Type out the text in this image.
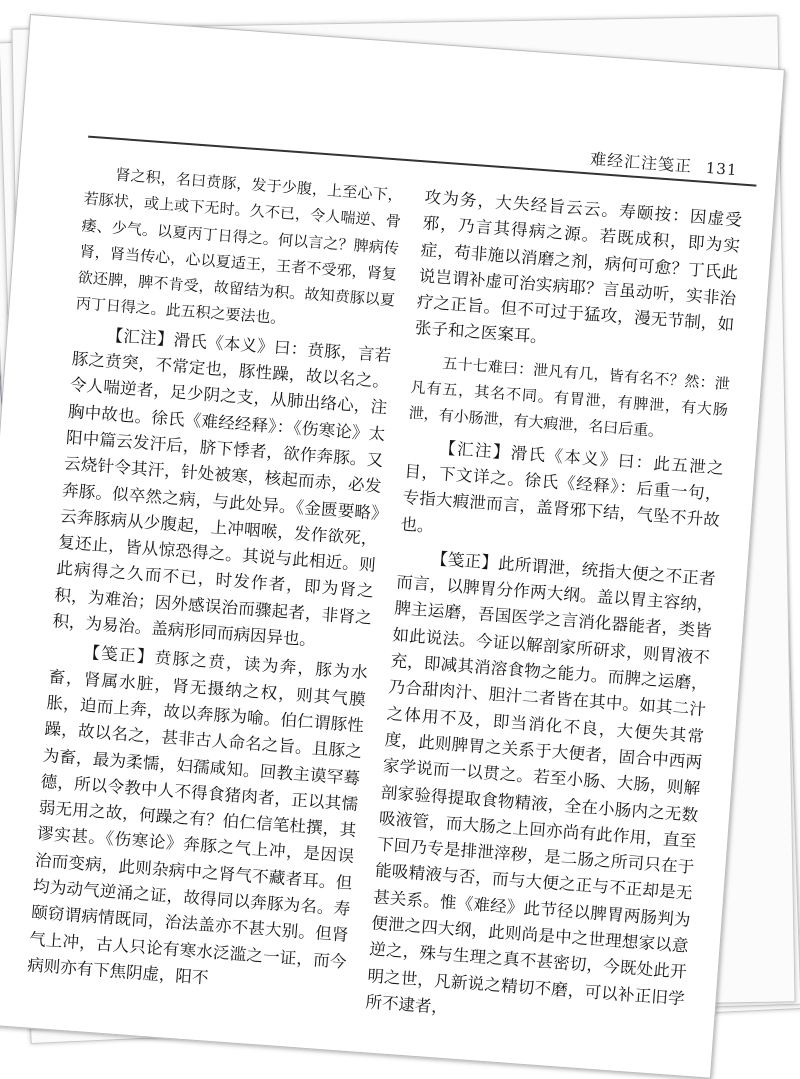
难经汇注笺正 131

肾之积，名曰贲豚，发于少腹，上至心下，若豚状，或上或下无时。久不已，令人喘逆、骨痿、少气。以夏丙丁日得之。何以言之？脾病传肾，肾当传心，心以夏适王，王者不受邪，肾复欲还脾，脾不肯受，故留结为积。故知贲豚以夏丙丁日得之。此五积之要法也。

【汇注】滑氏《本义》曰：贲豚，言若豚之贲突，不常定也，豚性躁，故以名之。令人喘逆者，足少阴之支，从肺出络心，注胸中故也。徐氏《难经经释》：《伤寒论》太阳中篇云发汗后，脐下悸者，欲作奔豚。又云烧针令其汗，针处被寒，核起而赤，必发奔豚。似卒然之病，与此处异。《金匮要略》云奔豚病从少腹起，上冲咽喉，发作欲死，复还止，皆从惊恐得之。其说与此相近。则此病得之久而不已，时发作者，即为肾之积，为难治；因外感误治而骤起者，非肾之积，为易治。盖病形同而病因异也。

【笺正】贲豚之贲，读为奔，豚为水畜，肾属水脏，肾无摄纳之权，则其气膜胀，迫而上奔，故以奔豚为喻。伯仁谓豚性躁，故以名之，甚非古人命名之旨。且豚之为畜，最为柔懦，妇孺咸知。回教主谟罕蓦德，所以令教中人不得食猪肉者，正以其懦弱无用之故，何躁之有？伯仁信笔杜撰，其谬实甚。《伤寒论》奔豚之气上冲，是因误治而变病，此则杂病中之肾气不藏者耳。但均为动气逆涌之证，故得同以奔豚为名。寿颐窃谓病情既同，治法盖亦不甚大别。但肾气上冲，古人只论有寒水泛滥之一证，而今病则亦有下焦阴虚，阳不

攻为务，大失经旨云云。寿颐按：因虚受邪，乃言其得病之源。若既成积，即为实症，苟非施以消磨之剂，病何可愈？丁氏此说岂谓补虚可治实病耶？言虽动听，实非治疗之正旨。但不可过于猛攻，漫无节制，如张子和之医案耳。

五十七难曰：泄凡有几，皆有名不？然：泄凡有五，其名不同。有胃泄，有脾泄，有大肠泄，有小肠泄，有大瘕泄，名曰后重。

【汇注】滑氏《本义》曰：此五泄之目，下文详之。徐氏《经释》：后重一句，专指大瘕泄而言，盖肾邪下结，气坠不升故也。

【笺正】此所谓泄，统指大便之不正者而言，以脾胃分作两大纲。盖以胃主容纳，脾主运磨，吾国医学之言消化器能者，类皆如此说法。今证以解剖家所研求，则胃液不充，即减其消溶食物之能力。而脾之运磨，乃合甜肉汁、胆汁二者皆在其中。如其二汁之体用不及，即当消化不良，大便失其常度，此则脾胃之关系于大便者，固合中西两家学说而一以贯之。若至小肠、大肠，则解剖家验得提取食物精液，全在小肠内之无数吸液管，而大肠之上回亦尚有此作用，直至下回乃专是排泄滓秽，是二肠之所司只在于能吸精液与否，而与大便之正与不正却是无甚关系。惟《难经》此节径以脾胃两肠判为便泄之四大纲，此则尚是中之世理想家以意逆之，殊与生理之真不甚密切，今既处此开明之世，凡新说之精切不磨，可以补正旧学所不逮者，
